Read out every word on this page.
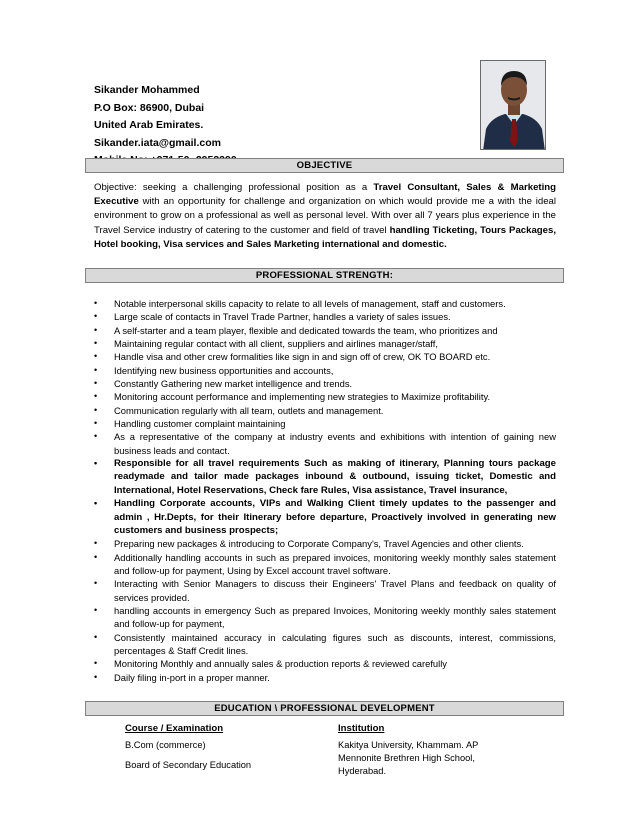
Sikander Mohammed
P.O Box: 86900, Dubai
United Arab Emirates.
Sikander.iata@gmail.com
OBJECTIVE
Objective: seeking a challenging professional position as a Travel Consultant, Sales & Marketing Executive with an opportunity for challenge and organization on which would provide me a with the ideal environment to grow on a professional as well as personal level. With over all 7 years plus experience in the Travel Service industry of catering to the customer and field of travel handling Ticketing, Tours Packages, Hotel booking, Visa services and Sales Marketing international and domestic.
PROFESSIONAL STRENGTH:
• Notable interpersonal skills capacity to relate to all levels of management, staff and customers.
• Large scale of contacts in Travel Trade Partner, handles a variety of sales issues.
• A self-starter and a team player, flexible and dedicated towards the team, who prioritizes and
• Maintaining regular contact with all client, suppliers and airlines manager/staff,
• Handle visa and other crew formalities like sign in and sign off of crew, OK TO BOARD etc.
• Identifying new business opportunities and accounts,
• Constantly Gathering new market intelligence and trends.
• Monitoring account performance and implementing new strategies to Maximize profitability.
• Communication regularly with all team, outlets and management.
• Handling customer complaint maintaining
• As a representative of the company at industry events and exhibitions with intention of gaining new business leads and contact.
• Responsible for all travel requirements Such as making of itinerary, Planning tours package readymade and tailor made packages inbound & outbound, issuing ticket, Domestic and International, Hotel Reservations, Check fare Rules, Visa assistance, Travel insurance,
• Handling Corporate accounts, VIPs and Walking Client timely updates to the passenger and admin , Hr.Depts, for their Itinerary before departure, Proactively involved in generating new customers and business prospects;
• Preparing new packages & introducing to Corporate Company's, Travel Agencies and other clients.
• Additionally handling accounts in such as prepared invoices, monitoring weekly monthly sales statement and follow-up for payment, Using by Excel account travel software.
• Interacting with Senior Managers to discuss their Engineers' Travel Plans and feedback on quality of services provided.
• handling accounts in emergency Such as prepared Invoices, Monitoring weekly monthly sales statement and follow-up for payment,
• Consistently maintained accuracy in calculating figures such as discounts, interest, commissions, percentages & Staff Credit lines.
• Monitoring Monthly and annually sales & production reports & reviewed carefully
• Daily filing in-port in a proper manner.
EDUCATION \ PROFESSIONAL DEVELOPMENT
Course / Examination	Institution
B.Com (commerce)	Kakitya University, Khammam. AP
Board of Secondary Education
Mennonite Brethren High School, Hyderabad.
